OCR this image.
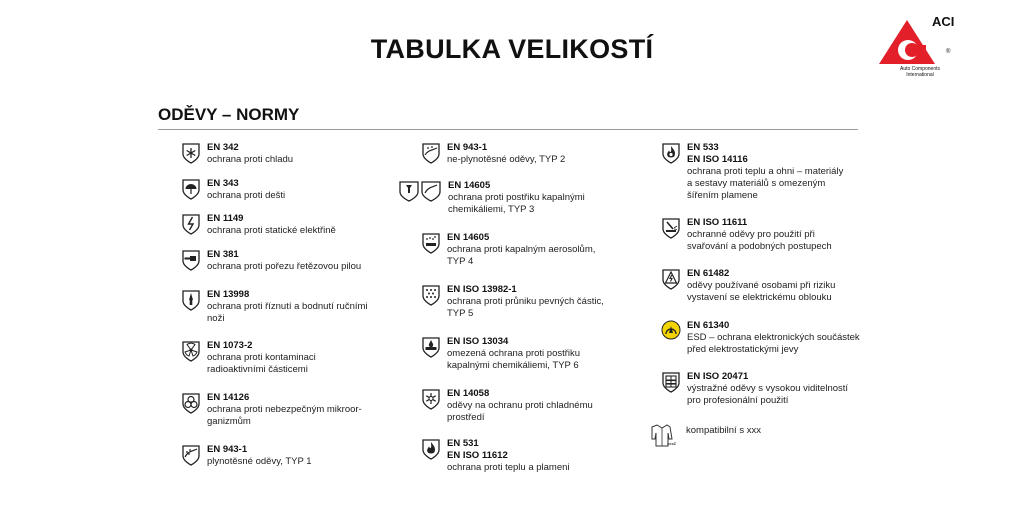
TABULKA VELIKOSTÍ
ACI
®
Auto Components
International
ODĚVY – NORMY
EN 342
ochrana proti chladu
EN 343
ochrana proti dešti
EN 1149
ochrana proti statické elektřině
EN 381
ochrana proti pořezu řetězovou pilou
EN 13998
ochrana proti říznutí a bodnutí ručními
noži
EN 1073-2
ochrana proti kontaminaci
radioaktivními částicemi
EN 14126
ochrana proti nebezpečným mikroor-
ganizmům
EN 943-1
plynotěsné oděvy, TYP 1
EN 943-1
ne-plynotěsné oděvy, TYP 2
EN 14605
ochrana proti postřiku kapalnými
chemikáliemi, TYP 3
EN 14605
ochrana proti kapalným aerosolům,
TYP 4
EN ISO 13982-1
ochrana proti průniku pevných částic,
TYP 5
EN ISO 13034
omezená ochrana proti postřiku
kapalnými chemikáliemi, TYP 6
EN 14058
oděvy na ochranu proti chladnému
prostředí
EN 531
EN ISO 11612
ochrana proti teplu a plameni
EN 533
EN ISO 14116
ochrana proti teplu a ohni – materiály
a sestavy materiálů s omezeným
šířením plamene
EN ISO 11611
ochranné oděvy pro použití při
svařování a podobných postupech
EN 61482
oděvy používané osobami při riziku
vystavení se elektrickému oblouku
EN 61340
ESD – ochrana elektronických součástek
před elektrostatickými jevy
EN ISO 20471
výstražné oděvy s vysokou viditelností
pro profesionální použití
xxxZ
kompatibilní s xxx
